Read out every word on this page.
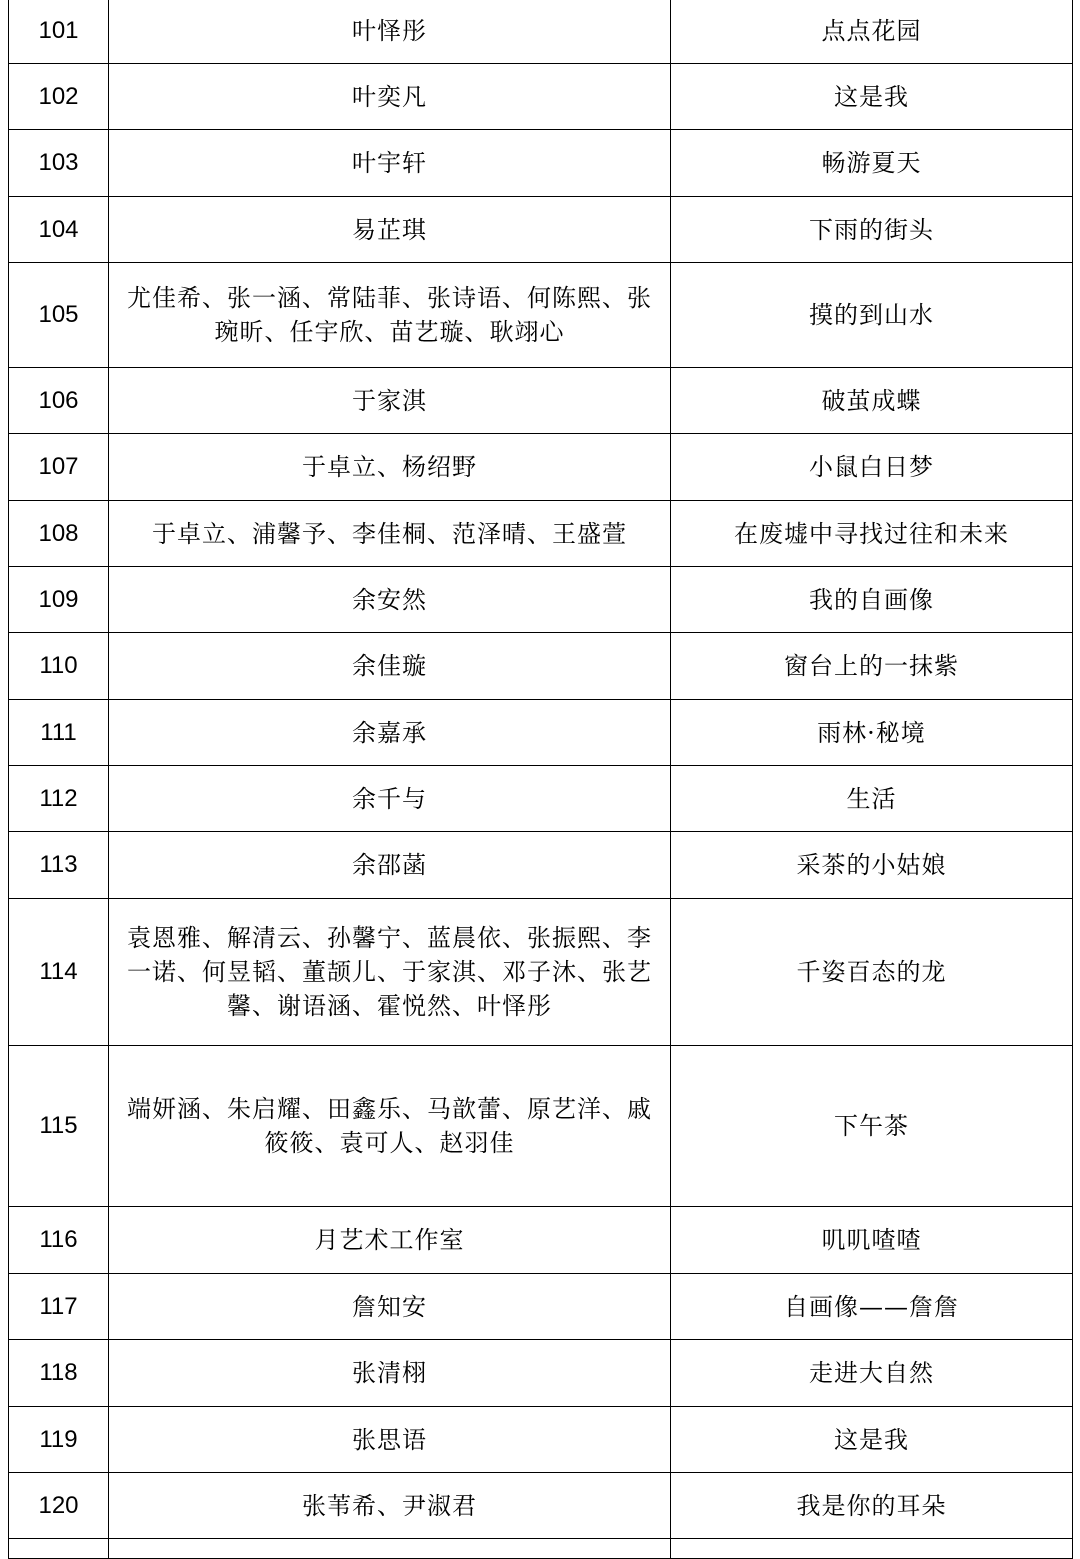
101	叶怿彤	点点花园
102	叶奕凡	这是我
103	叶宇轩	畅游夏天
104	易芷琪	下雨的街头
105	尤佳希、张一涵、常陆菲、张诗语、何陈熙、张琬昕、任宇欣、苗艺璇、耿翊心	摸的到山水
106	于家淇	破茧成蝶
107	于卓立、杨绍野	小鼠白日梦
108	于卓立、浦馨予、李佳桐、范泽晴、王盛萱	在废墟中寻找过往和未来
109	余安然	我的自画像
110	余佳璇	窗台上的一抹紫
111	余嘉承	雨林·秘境
112	余千与	生活
113	余邵菡	采茶的小姑娘
114	袁恩雅、解清云、孙馨宁、蓝晨依、张振熙、李一诺、何昱韬、董颉儿、于家淇、邓子沐、张艺馨、谢语涵、霍悦然、叶怿彤	千姿百态的龙
115	端妍涵、朱启耀、田鑫乐、马歆蕾、原艺洋、戚筱筱、袁可人、赵羽佳	下午茶
116	月艺术工作室	叽叽喳喳
117	詹知安	自画像——詹詹
118	张清栩	走进大自然
119	张思语	这是我
120	张苇希、尹淑君	我是你的耳朵
